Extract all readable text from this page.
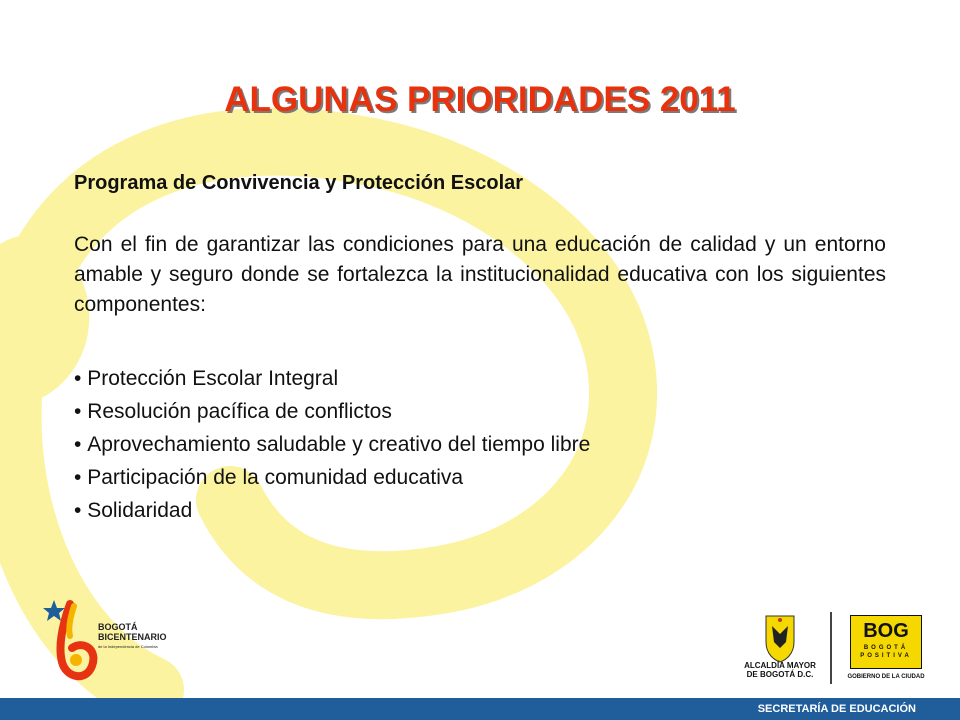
ALGUNAS PRIORIDADES 2011
Programa de Convivencia y Protección Escolar
Con el fin de garantizar las condiciones para una educación de calidad y un entorno amable y seguro donde se fortalezca la institucionalidad educativa con los siguientes componentes:
• Protección Escolar Integral
• Resolución pacífica de conflictos
• Aprovechamiento saludable y creativo del tiempo libre
• Participación de la comunidad educativa
• Solidaridad
BOGOTÁ
BICENTENARIO
de la Independencia de Colombia
ALCALDÍA MAYOR
DE BOGOTÁ D.C.
BOG
BOGOTÁ
POSITIVA
GOBIERNO DE LA CIUDAD
SECRETARÍA DE EDUCACIÓN
